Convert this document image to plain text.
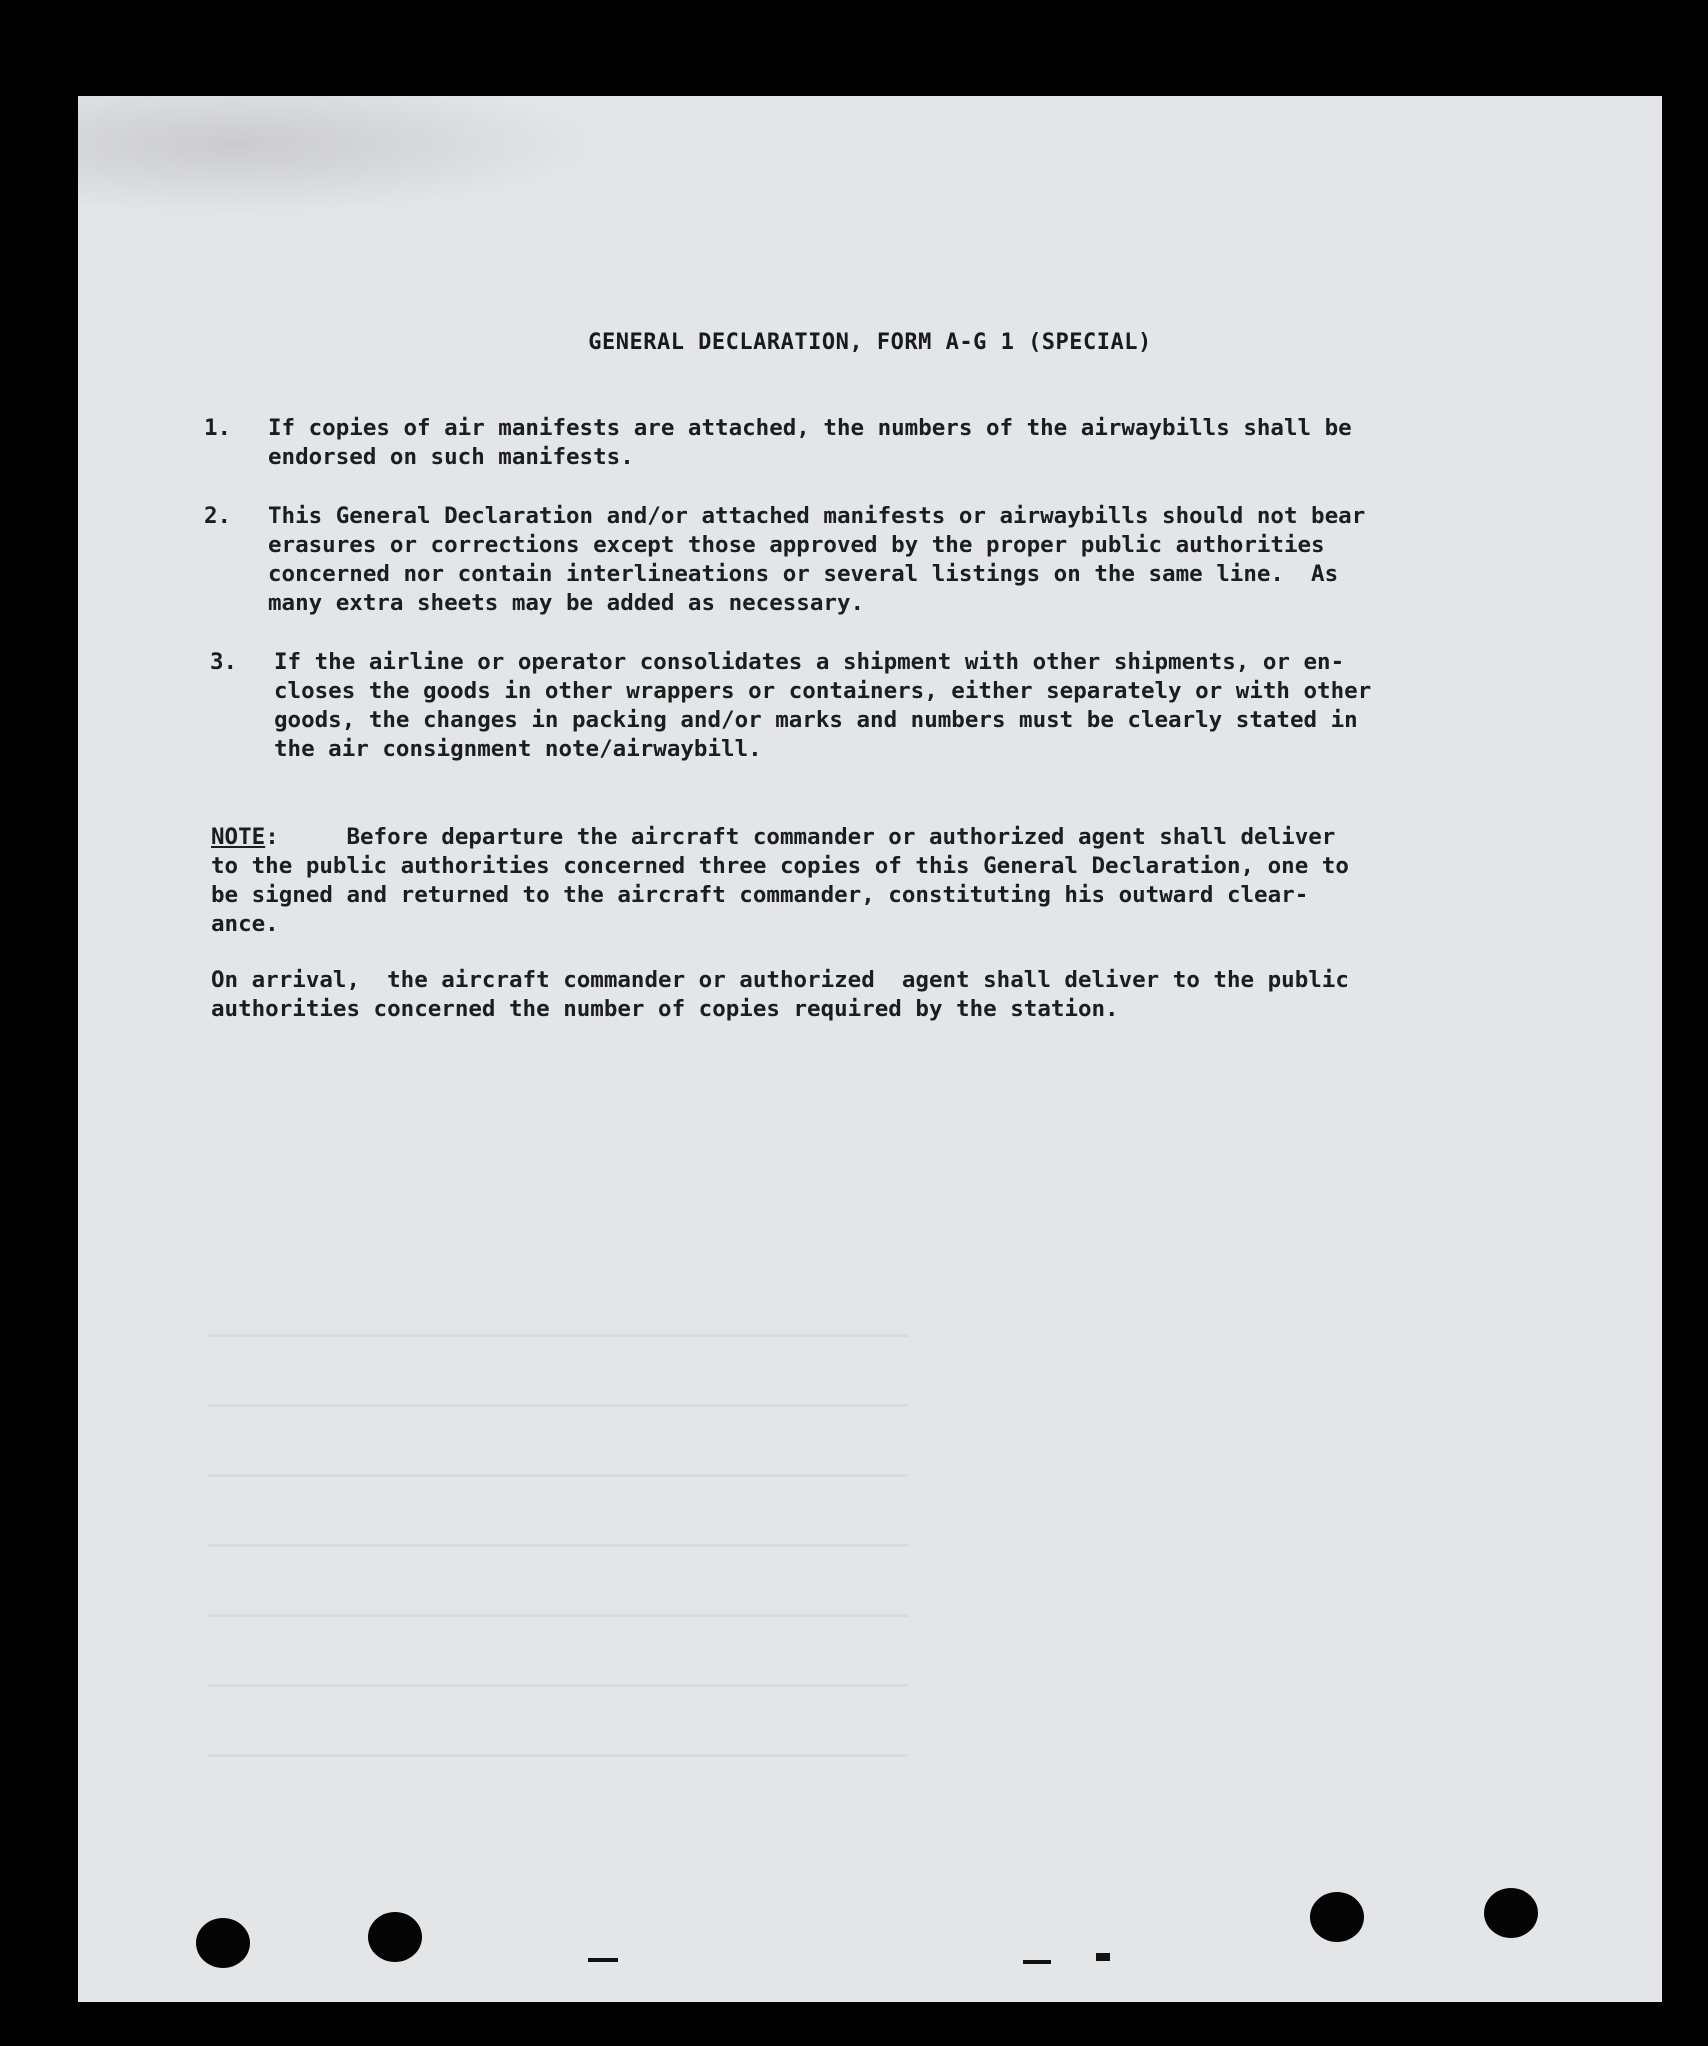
GENERAL DECLARATION, FORM A-G 1 (SPECIAL)
1.	If copies of air manifests are attached, the numbers of the airwaybills shall be
endorsed on such manifests.
2.	This General Declaration and/or attached manifests or airwaybills should not bear
erasures or corrections except those approved by the proper public authorities
concerned nor contain interlineations or several listings on the same line.  As
many extra sheets may be added as necessary.
3.	If the airline or operator consolidates a shipment with other shipments, or en-
closes the goods in other wrappers or containers, either separately or with other
goods, the changes in packing and/or marks and numbers must be clearly stated in
the air consignment note/airwaybill.
NOTE:     Before departure the aircraft commander or authorized agent shall deliver
to the public authorities concerned three copies of this General Declaration, one to
be signed and returned to the aircraft commander, constituting his outward clear-
ance.
On arrival,  the aircraft commander or authorized  agent shall deliver to the public
authorities concerned the number of copies required by the station.
